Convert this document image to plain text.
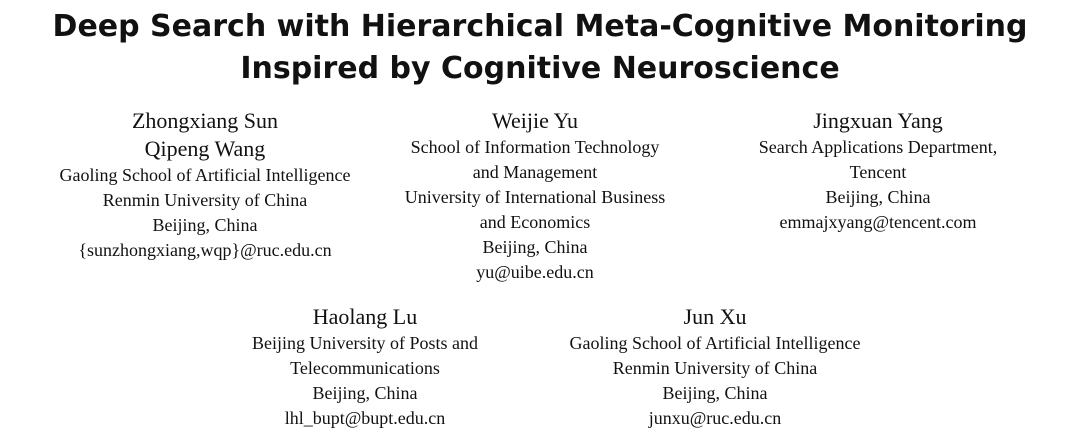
Deep Search with Hierarchical Meta-Cognitive Monitoring
Inspired by Cognitive Neuroscience
Zhongxiang Sun
Qipeng Wang
Gaoling School of Artificial Intelligence
Renmin University of China
Beijing, China
{sunzhongxiang,wqp}@ruc.edu.cn
Weijie Yu
School of Information Technology
and Management
University of International Business
and Economics
Beijing, China
yu@uibe.edu.cn
Jingxuan Yang
Search Applications Department,
Tencent
Beijing, China
emmajxyang@tencent.com
Haolang Lu
Beijing University of Posts and
Telecommunications
Beijing, China
lhl_bupt@bupt.edu.cn
Jun Xu
Gaoling School of Artificial Intelligence
Renmin University of China
Beijing, China
junxu@ruc.edu.cn
